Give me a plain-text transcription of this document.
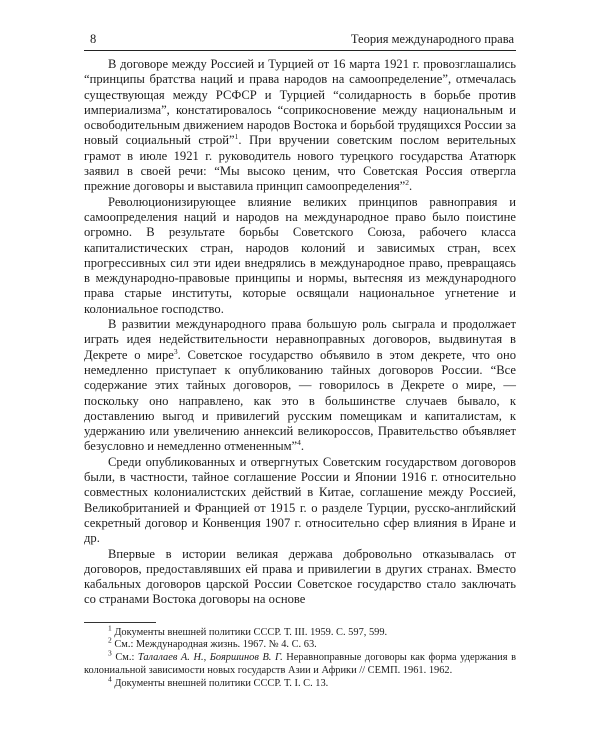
8	Теория международного права

В договоре между Россией и Турцией от 16 марта 1921 г. провозглашались “принципы братства наций и права народов на самоопределение”, отмечалась существующая между РСФСР и Турцией “солидарность в борьбе против империализма”, констатировалось “соприкосновение между национальным и освободительным движением народов Востока и борьбой трудящихся России за новый социальный строй”$^1$. При вручении советским послом верительных грамот в июле 1921 г. руководитель нового турецкого государства Ататюрк заявил в своей речи: “Мы высоко ценим, что Советская Россия отвергла прежние договоры и выставила принцип самоопределения”$^2$.

Революционизирующее влияние великих принципов равноправия и самоопределения наций и народов на международное право было поистине огромно. В результате борьбы Советского Союза, рабочего класса капиталистических стран, народов колоний и зависимых стран, всех прогрессивных сил эти идеи внедрялись в международное право, превращаясь в международно-правовые принципы и нормы, вытесняя из международного права старые институты, которые освящали национальное угнетение и колониальное господство.

В развитии международного права большую роль сыграла и продолжает играть идея недействительности неравноправных договоров, выдвинутая в Декрете о мире$^3$. Советское государство объявило в этом декрете, что оно немедленно приступает к опубликованию тайных договоров России. “Все содержание этих тайных договоров, — говорилось в Декрете о мире, — поскольку оно направлено, как это в большинстве случаев бывало, к доставлению выгод и привилегий русским помещикам и капиталистам, к удержанию или увеличению аннексий великороссов, Правительство объявляет безусловно и немедленно отмененным”$^4$.

Среди опубликованных и отвергнутых Советским государством договоров были, в частности, тайное соглашение России и Японии 1916 г. относительно совместных колониалистских действий в Китае, соглашение между Россией, Великобританией и Францией от 1915 г. о разделе Турции, русско-английский секретный договор и Конвенция 1907 г. относительно сфер влияния в Иране и др.

Впервые в истории великая держава добровольно отказывалась от договоров, предоставлявших ей права и привилегии в других странах. Вместо кабальных договоров царской России Советское государство стало заключать со странами Востока договоры на основе

$^1$ Документы внешней политики СССР. Т. III. 1959. С. 597, 599.

$^2$ См.: Международная жизнь. 1967. № 4. С. 63.

$^3$ См.: Талалаев А. Н., Бояршинов В. Г. Неравноправные договоры как форма удержания в колониальной зависимости новых государств Азии и Африки // СЕМП. 1961. 1962.

$^4$ Документы внешней политики СССР. Т. I. С. 13.
